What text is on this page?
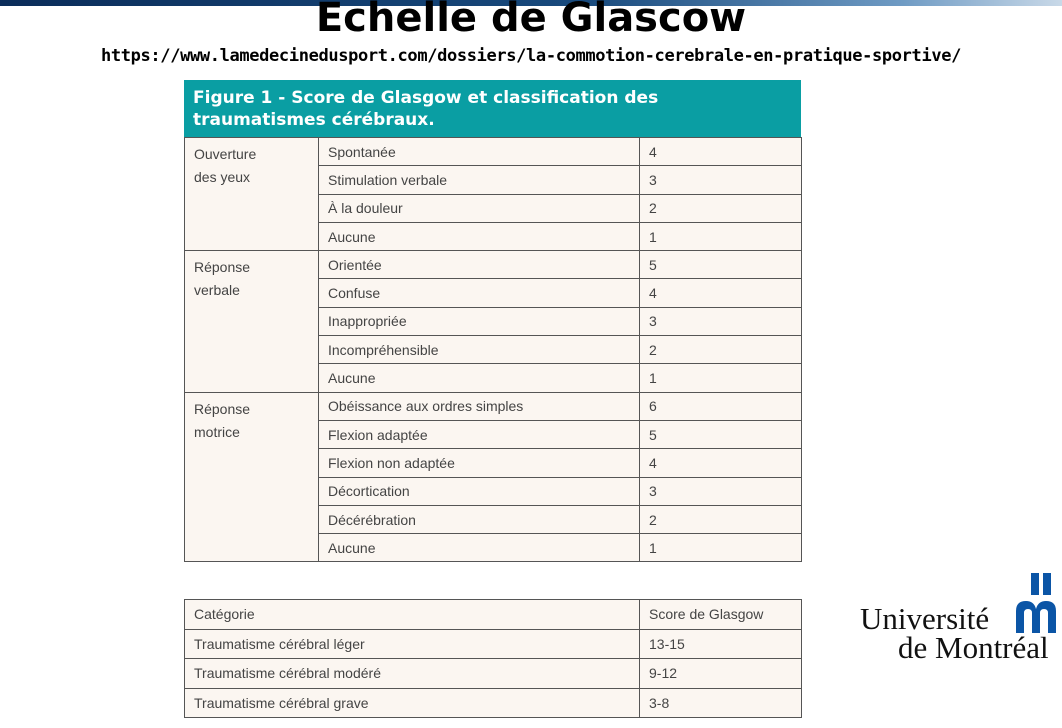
Echelle de Glascow

https://www.lamedecinedusport.com/dossiers/la-commotion-cerebrale-en-pratique-sportive/

Figure 1 - Score de Glasgow et classification des traumatismes cérébraux.
Ouverture
des yeux	Spontanée	4
	Stimulation verbale	3
	À la douleur	2
	Aucune	1

Réponse
verbale	Orientée	5
	Confuse	4
	Inappropriée	3
	Incompréhensible	2
	Aucune	1

Réponse
motrice	Obéissance aux ordres simples	6
	Flexion adaptée	5
	Flexion non adaptée	4
	Décortication	3
	Décérébration	2
	Aucune	1
Catégorie	Score de Glasgow
Traumatisme cérébral léger	13-15
Traumatisme cérébral modéré	9-12
Traumatisme cérébral grave	3-8
Université
de Montréal
